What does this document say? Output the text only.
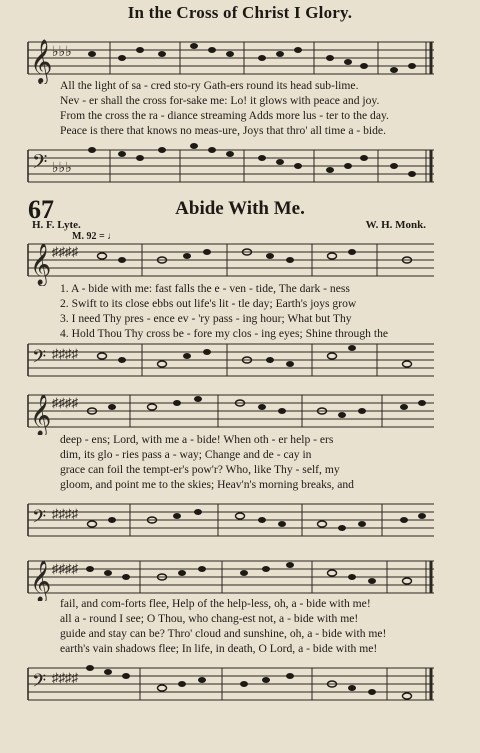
In the Cross of Christ I Glory.
𝄞 ♭♭♭
All the light of sa - cred sto-ry Gath-ers round its head sub-lime.
Nev - er shall the cross for-sake me: Lo! it glows with peace and joy.
From the cross the ra - diance streaming Adds more lus - ter to the day.
Peace is there that knows no meas-ure, Joys that thro' all time a - bide.
𝄢 ♭♭♭
67	Abide With Me.
H. F. Lyte.	W. H. Monk.
M. 92 = ♩
𝄞 ♯♯♯♯
1. A - bide with me: fast falls the e - ven - tide, The dark - ness
2. Swift to its close ebbs out life's lit - tle day; Earth's joys grow
3. I need Thy pres - ence ev - 'ry pass - ing hour; What but Thy
4. Hold Thou Thy cross be - fore my clos - ing eyes; Shine through the
𝄢 ♯♯♯♯
𝄞 ♯♯♯♯
deep - ens; Lord, with me a - bide! When oth - er help - ers
dim, its glo - ries pass a - way; Change and de - cay in
grace can foil the tempt-er's pow'r? Who, like Thy - self, my
gloom, and point me to the skies; Heav'n's morning breaks, and
𝄢 ♯♯♯♯
𝄞 ♯♯♯♯
fail, and com-forts flee, Help of the help-less, oh, a - bide with me!
all a - round I see; O Thou, who chang-est not, a - bide with me!
guide and stay can be? Thro' cloud and sunshine, oh, a - bide with me!
earth's vain shadows flee; In life, in death, O Lord, a - bide with me!
𝄢 ♯♯♯♯
